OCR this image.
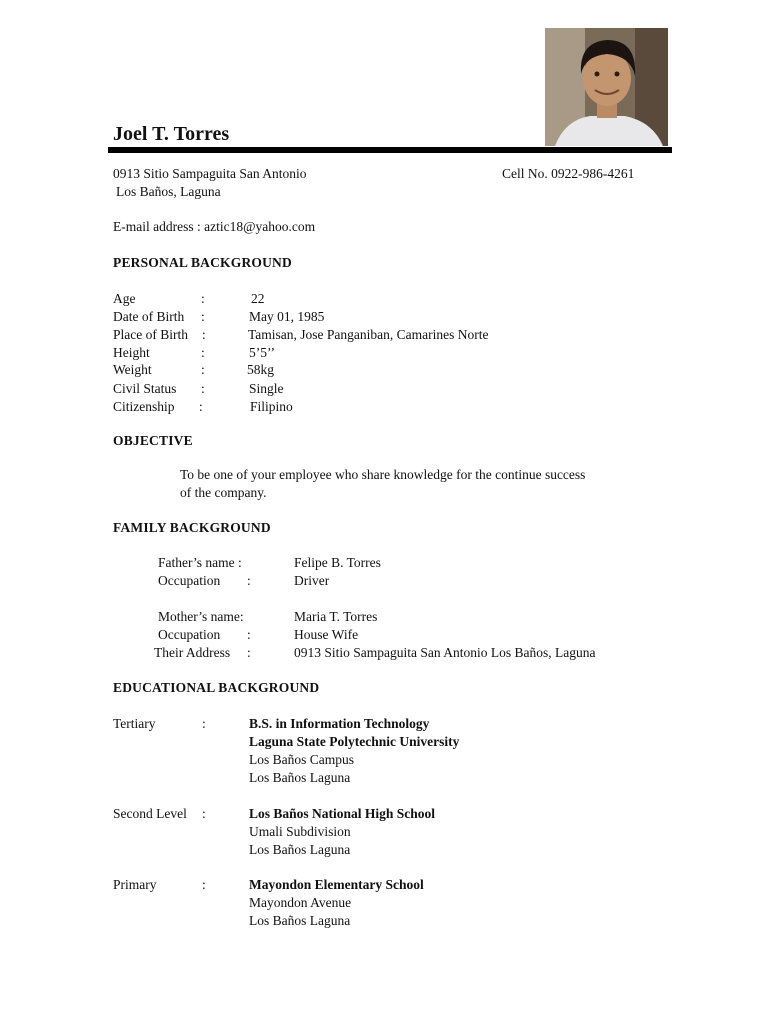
Joel T. Torres
0913 Sitio Sampaguita San Antonio
Los Baños, Laguna
Cell No. 0922-986-4261
E-mail address : aztic18@yahoo.com
PERSONAL BACKGROUND
Age	:	22
Date of Birth :	May 01, 1985
Place of Birth :	Tamisan, Jose Panganiban, Camarines Norte
Height	:	5’5’’
Weight	:	58kg
Civil Status :	Single
Citizenship :	Filipino
OBJECTIVE
To be one of your employee who share knowledge for the continue success
of the company.
FAMILY BACKGROUND
Father’s name :	Felipe B. Torres
Occupation :	Driver
Mother’s name:	Maria T. Torres
Occupation :	House Wife
Their Address :	0913 Sitio Sampaguita San Antonio Los Baños, Laguna
EDUCATIONAL BACKGROUND
Tertiary	:	B.S. in Information Technology
Laguna State Polytechnic University
Los Baños Campus
Los Baños Laguna
Second Level :	Los Baños National High School
Umali Subdivision
Los Baños Laguna
Primary	:	Mayondon Elementary School
Mayondon Avenue
Los Baños Laguna
